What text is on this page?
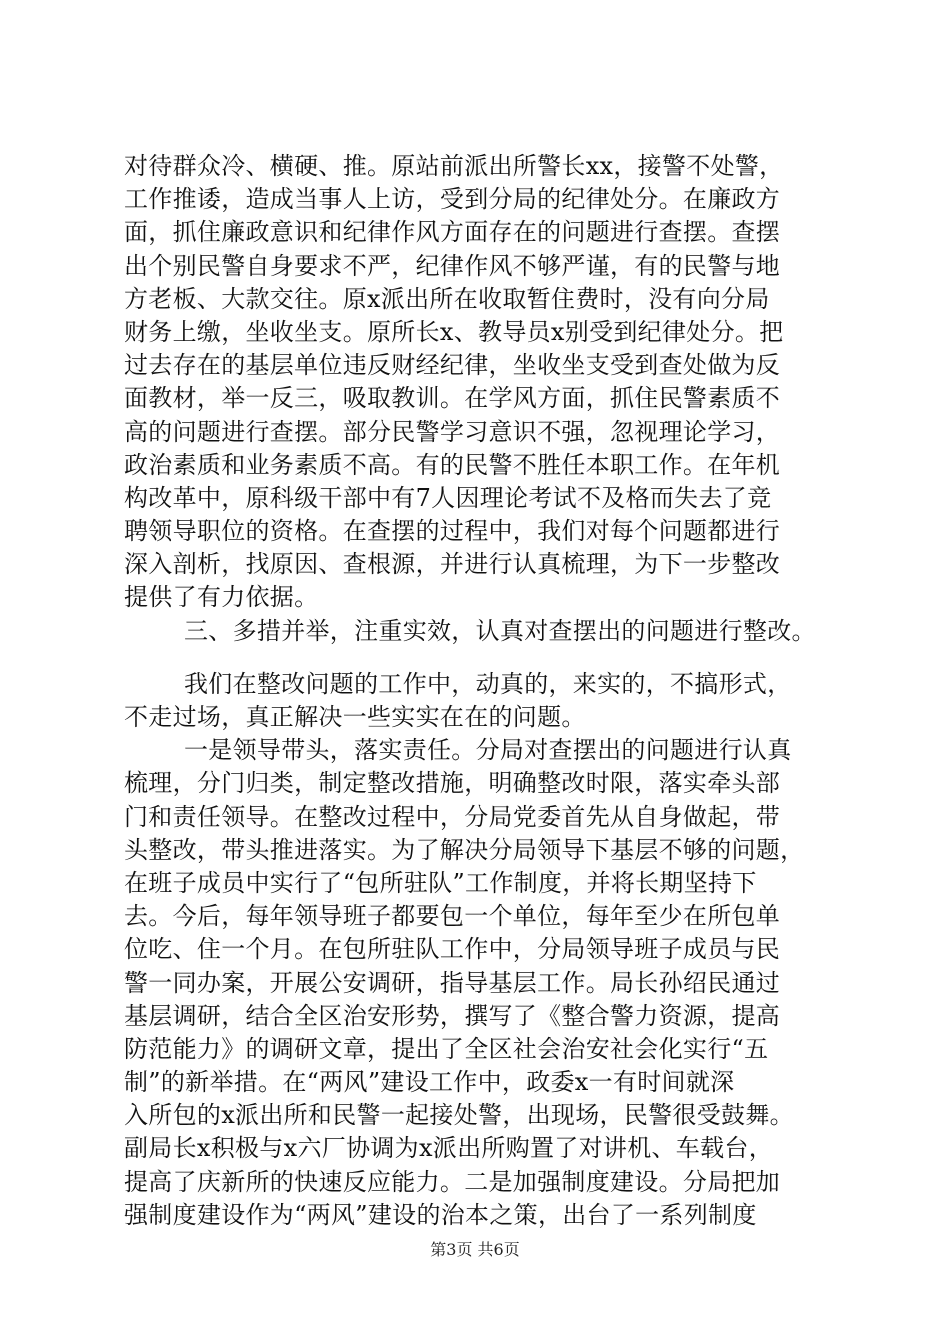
对待群众冷、横硬、推。原站前派出所警长xx，接警不处警，
工作推诿，造成当事人上访，受到分局的纪律处分。在廉政方
面，抓住廉政意识和纪律作风方面存在的问题进行查摆。查摆
出个别民警自身要求不严，纪律作风不够严谨，有的民警与地
方老板、大款交往。原x派出所在收取暂住费时，没有向分局
财务上缴，坐收坐支。原所长x、教导员x别受到纪律处分。把
过去存在的基层单位违反财经纪律，坐收坐支受到查处做为反
面教材，举一反三，吸取教训。在学风方面，抓住民警素质不
高的问题进行查摆。部分民警学习意识不强，忽视理论学习，
政治素质和业务素质不高。有的民警不胜任本职工作。在年机
构改革中，原科级干部中有7人因理论考试不及格而失去了竞
聘领导职位的资格。在查摆的过程中，我们对每个问题都进行
深入剖析，找原因、查根源，并进行认真梳理，为下一步整改
提供了有力依据。
三、多措并举，注重实效，认真对查摆出的问题进行整改。
我们在整改问题的工作中，动真的，来实的，不搞形式，
不走过场，真正解决一些实实在在的问题。
一是领导带头，落实责任。分局对查摆出的问题进行认真
梳理，分门归类，制定整改措施，明确整改时限，落实牵头部
门和责任领导。在整改过程中，分局党委首先从自身做起，带
头整改，带头推进落实。为了解决分局领导下基层不够的问题，
在班子成员中实行了“包所驻队”工作制度，并将长期坚持下
去。今后，每年领导班子都要包一个单位，每年至少在所包单
位吃、住一个月。在包所驻队工作中，分局领导班子成员与民
警一同办案，开展公安调研，指导基层工作。局长孙绍民通过
基层调研，结合全区治安形势，撰写了《整合警力资源，提高
防范能力》的调研文章，提出了全区社会治安社会化实行“五
制”的新举措。在“两风”建设工作中，政委x一有时间就深
入所包的x派出所和民警一起接处警，出现场，民警很受鼓舞。
副局长x积极与x六厂协调为x派出所购置了对讲机、车载台，
提高了庆新所的快速反应能力。二是加强制度建设。分局把加
强制度建设作为“两风”建设的治本之策，出台了一系列制度
第3页 共6页
